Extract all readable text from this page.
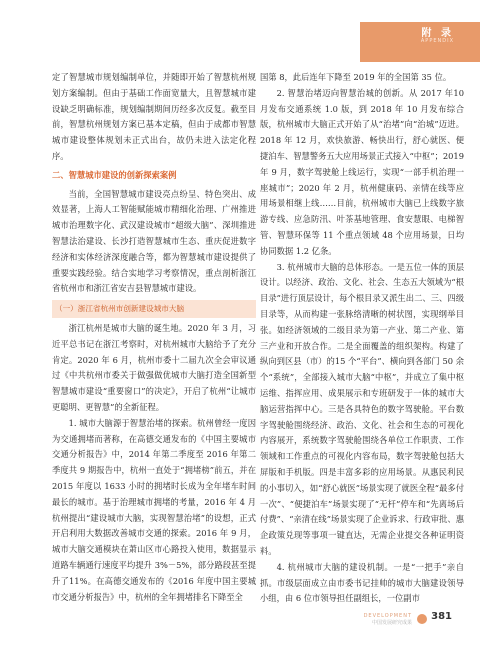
附 录
APPENDIX

定了智慧城市规划编制单位，并随即开始了智慧杭州规划方案编制。但由于基础工作面宽量大，且智慧城市建设缺乏明确标准，规划编制期间历经多次反复。截至目前，智慧杭州规划方案已基本定稿，但由于成都市智慧城市建设整体规划未正式出台，故仍未进入法定化程序。

二、智慧城市建设的创新探索案例

当前，全国智慧城市建设亮点纷呈、特色突出、成效显著，上海人工智能赋能城市精细化治理、广州推进城市治理数字化、武汉建设城市“超级大脑”、深圳推进智慧法治建设、长沙打造智慧城市生态、重庆促进数字经济和实体经济深度融合等，都为智慧城市建设提供了重要实践经验。结合实地学习考察情况，重点剖析浙江省杭州市和浙江省安吉县智慧城市建设。

（一）浙江省杭州市创新建设城市大脑

浙江杭州是城市大脑的诞生地。2020 年 3 月，习近平总书记在浙江考察时，对杭州城市大脑给予了充分肯定。2020 年 6 月，杭州市委十二届九次全会审议通过《中共杭州市委关于做强做优城市大脑打造全国新型智慧城市建设“重要窗口”的决定》，开启了杭州“让城市更聪明、更智慧”的全新征程。

1. 城市大脑源于智慧治堵的探索。杭州曾经一度因为交通拥堵而著称，在高德交通发布的《中国主要城市交通分析报告》中，2014 年第二季度至 2016 年第二季度共 9 期报告中，杭州一直处于“拥堵榜”前五，并在 2015 年度以 1633 小时的拥堵时长成为全年堵车时间最长的城市。基于治理城市拥堵的考量，2016 年 4 月杭州提出“建设城市大脑，实现智慧治堵”的设想，正式开启利用大数据改善城市交通的探索。2016 年 9 月，城市大脑交通模块在萧山区市心路投入使用，数据显示道路车辆通行速度平均提升 3%－5%，部分路段甚至提升了11%。在高德交通发布的《2016 年度中国主要城市交通分析报告》中，杭州的全年拥堵排名下降至全

国第 8，此后连年下降至 2019 年的全国第 35 位。

2. 智慧治堵迈向智慧治城的创新。从 2017 年10 月发布交通系统 1.0 版，到 2018 年 10 月发布综合版，杭州城市大脑正式开始了从“治堵”向“治城”迈进。2018 年 12 月，欢快旅游、畅快出行，舒心就医、便捷泊车、智慧警务五大应用场景正式接入“中枢”；2019 年 9 月，数字驾驶舱上线运行，实现“一部手机治理一座城市”；2020 年 2 月，杭州健康码、亲情在线等应用场景相继上线……目前，杭州城市大脑已上线数字旅游专线、应急防汛、叶茶基地管理、食安慧眼、电梯智管、智慧环保等 11 个重点领域 48 个应用场景，日均协同数据 1.2 亿条。

3. 杭州城市大脑的总体形态。一是五位一体的顶层设计。以经济、政治、文化、社会、生态五大领域为“根目录”进行顶层设计，每个根目录又派生出二、三、四级目录等，从而构建一张脉络清晰的树状图，实现纲举目张。如经济领域的二级目录为第一产业、第二产业、第三产业和开放合作。二是全面覆盖的组织架构。构建了纵向到区县（市）的15 个“平台”、横向到各部门 50 余个“系统”，全部接入城市大脑“中枢”，并成立了集中枢运维、指挥应用、成果展示和专班研发于一体的城市大脑运营指挥中心。三是各具特色的数字驾驶舱。平台数字驾驶舱围绕经济、政治、文化、社会和生态的可视化内容展开，系统数字驾驶舱围绕各单位工作职责、工作领域和工作重点的可视化内容布局，数字驾驶舱包括大屏版和手机版。四是丰富多彩的应用场景。从惠民利民的小事切入，如“舒心就医”场景实现了就医全程“最多付一次”、“便捷泊车”场景实现了“无杆”停车和“先离场后付费”、“亲清在线”场景实现了企业诉求、行政审批、惠企政策兑现等事项一键直达，无需企业提交各种证明资料。

4. 杭州城市大脑的建设机制。一是“一把手”亲自抓。市级层面成立由市委书记挂帅的城市大脑建设领导小组，由 6 位市领导担任副组长，一位副市

DEVELOPMENT
中国发展研究成果
381
